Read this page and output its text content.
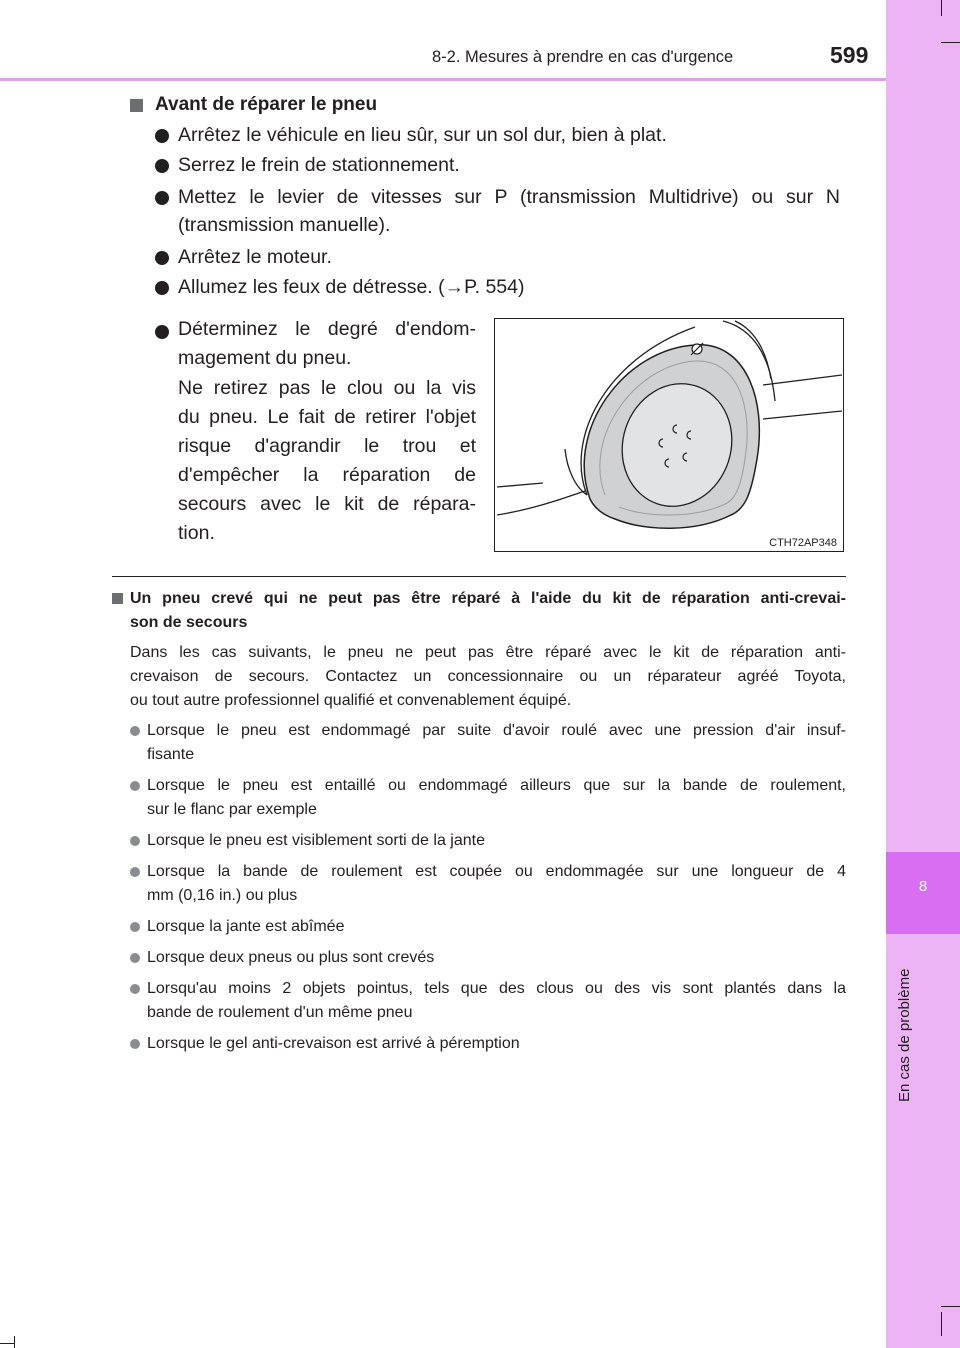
8-2. Mesures à prendre en cas d'urgence	599
8
En cas de problème
Avant de réparer le pneu
Arrêtez le véhicule en lieu sûr, sur un sol dur, bien à plat.
Serrez le frein de stationnement.
Mettez le levier de vitesses sur P (transmission Multidrive) ou sur N
(transmission manuelle).
Arrêtez le moteur.
Allumez les feux de détresse. (→P. 554)
Déterminez le degré d'endom-
magement du pneu.
Ne retirez pas le clou ou la vis
du pneu. Le fait de retirer l'objet
risque d'agrandir le trou et
d'empêcher la réparation de
secours avec le kit de répara-
tion.	CTH72AP348
Un pneu crevé qui ne peut pas être réparé à l'aide du kit de réparation anti-crevai-
son de secours
Dans les cas suivants, le pneu ne peut pas être réparé avec le kit de réparation anti-
crevaison de secours. Contactez un concessionnaire ou un réparateur agréé Toyota,
ou tout autre professionnel qualifié et convenablement équipé.
Lorsque le pneu est endommagé par suite d'avoir roulé avec une pression d'air insuf-
fisante
Lorsque le pneu est entaillé ou endommagé ailleurs que sur la bande de roulement,
sur le flanc par exemple
Lorsque le pneu est visiblement sorti de la jante
Lorsque la bande de roulement est coupée ou endommagée sur une longueur de 4
mm (0,16 in.) ou plus
Lorsque la jante est abîmée
Lorsque deux pneus ou plus sont crevés
Lorsqu'au moins 2 objets pointus, tels que des clous ou des vis sont plantés dans la
bande de roulement d'un même pneu
Lorsque le gel anti-crevaison est arrivé à péremption
